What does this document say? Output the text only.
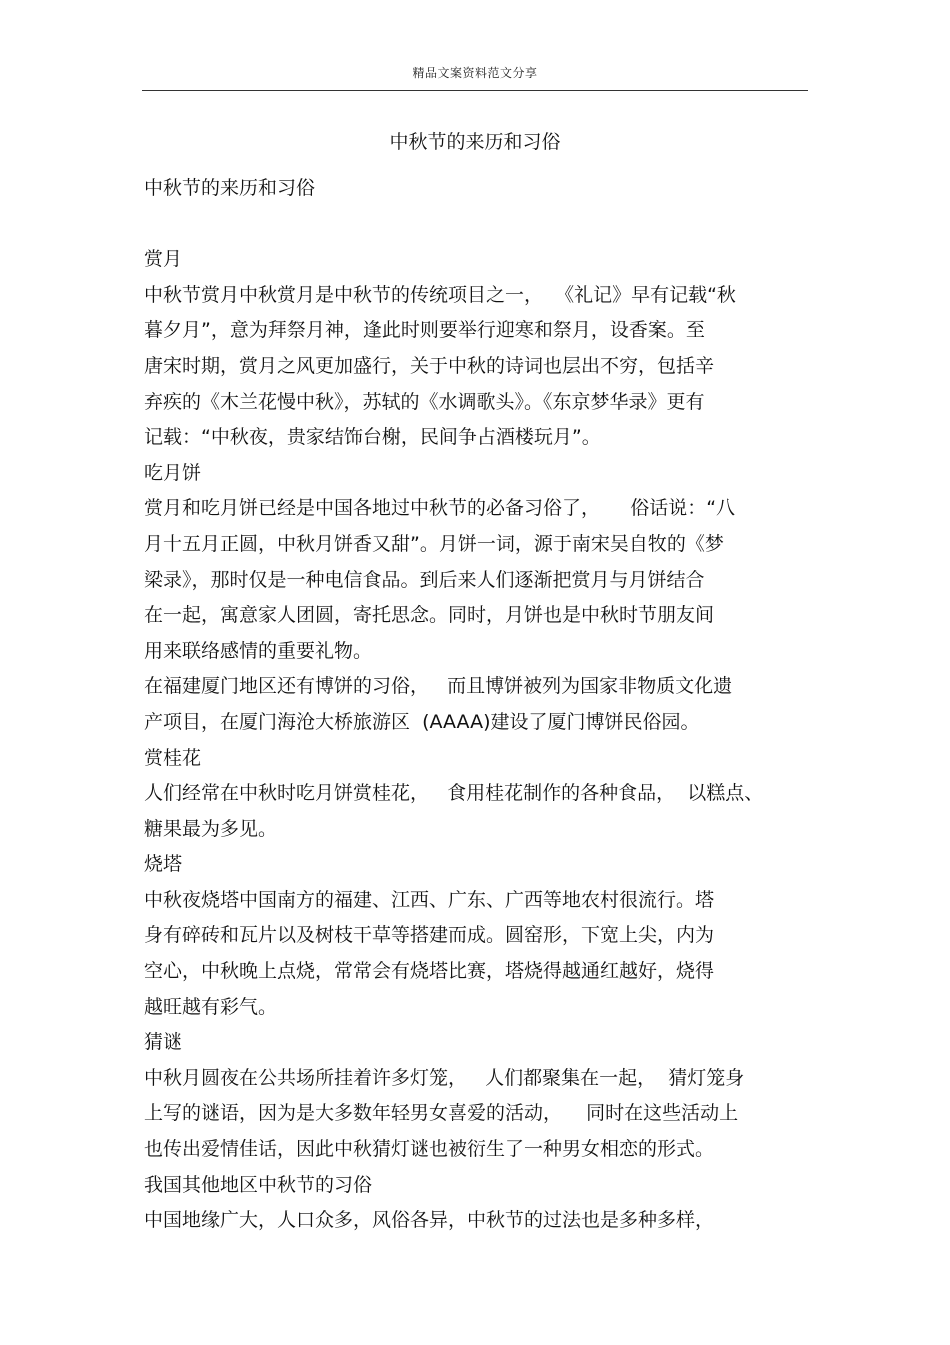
精品文案资料范文分享
中秋节的来历和习俗
中秋节的来历和习俗
赏月
中秋节赏月中秋赏月是中秋节的传统项目之一，  《礼记》早有记载“秋
暮夕月”，意为拜祭月神，逢此时则要举行迎寒和祭月，设香案。至
唐宋时期，赏月之风更加盛行，关于中秋的诗词也层出不穷，包括辛
弃疾的《木兰花慢中秋》，苏轼的《水调歌头》。《东京梦华录》更有
记载：“中秋夜，贵家结饰台榭，民间争占酒楼玩月”。
吃月饼
赏月和吃月饼已经是中国各地过中秋节的必备习俗了，     俗话说：“八
月十五月正圆，中秋月饼香又甜”。月饼一词，源于南宋吴自牧的《梦
梁录》，那时仅是一种电信食品。到后来人们逐渐把赏月与月饼结合
在一起，寓意家人团圆，寄托思念。同时，月饼也是中秋时节朋友间
用来联络感情的重要礼物。
在福建厦门地区还有博饼的习俗，   而且博饼被列为国家非物质文化遗
产项目，在厦门海沧大桥旅游区  (AAAA)建设了厦门博饼民俗园。
赏桂花
人们经常在中秋时吃月饼赏桂花，   食用桂花制作的各种食品，  以糕点、
糖果最为多见。
烧塔
中秋夜烧塔中国南方的福建、江西、广东、广西等地农村很流行。塔
身有碎砖和瓦片以及树枝干草等搭建而成。圆窑形，下宽上尖，内为
空心，中秋晚上点烧，常常会有烧塔比赛，塔烧得越通红越好，烧得
越旺越有彩气。
猜谜
中秋月圆夜在公共场所挂着许多灯笼，   人们都聚集在一起，  猜灯笼身
上写的谜语，因为是大多数年轻男女喜爱的活动，    同时在这些活动上
也传出爱情佳话，因此中秋猜灯谜也被衍生了一种男女相恋的形式。
我国其他地区中秋节的习俗
中国地缘广大，人口众多，风俗各异，中秋节的过法也是多种多样，
